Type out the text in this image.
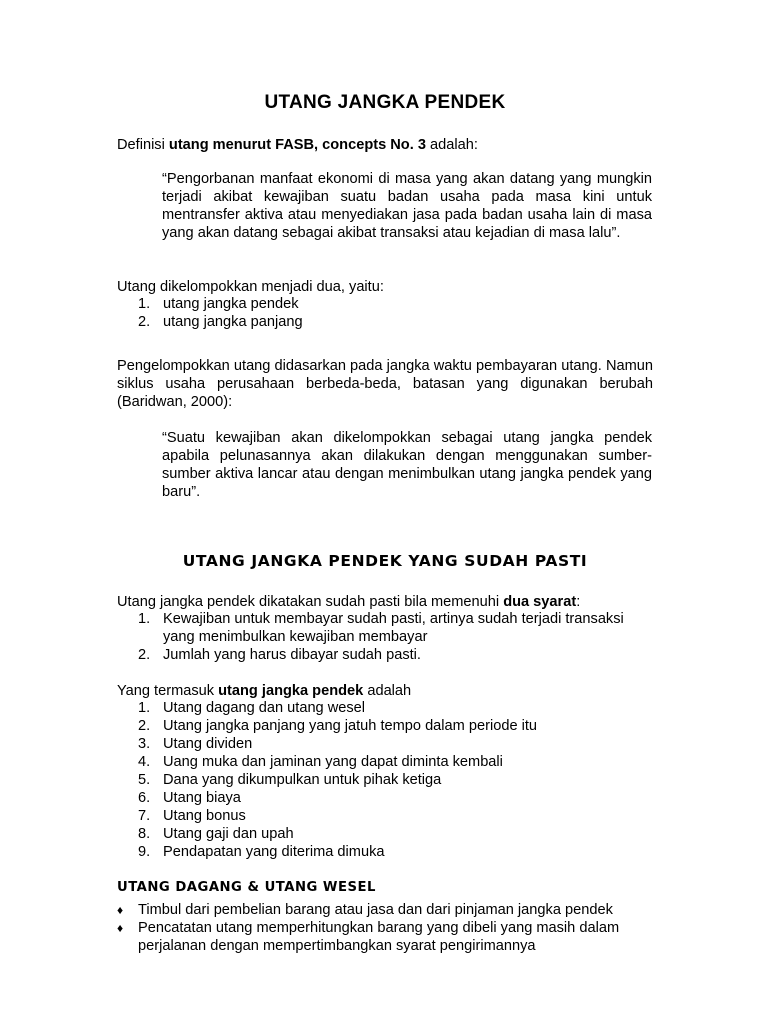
UTANG JANGKA PENDEK

Definisi utang menurut FASB, concepts No. 3 adalah:

“Pengorbanan manfaat ekonomi di masa yang akan datang yang mungkin terjadi akibat kewajiban suatu badan usaha pada masa kini untuk mentransfer aktiva atau menyediakan jasa pada badan usaha lain di masa yang akan datang sebagai akibat transaksi atau kejadian di masa lalu”.

Utang dikelompokkan menjadi dua, yaitu:

1. utang jangka pendek
2. utang jangka panjang

Pengelompokkan utang didasarkan pada jangka waktu pembayaran utang. Namun siklus usaha perusahaan berbeda-beda, batasan yang digunakan berubah (Baridwan, 2000):

“Suatu kewajiban akan dikelompokkan sebagai utang jangka pendek apabila pelunasannya akan dilakukan dengan menggunakan sumber-sumber aktiva lancar atau dengan menimbulkan utang jangka pendek yang baru”.

UTANG JANGKA PENDEK YANG SUDAH PASTI

Utang jangka pendek dikatakan sudah pasti bila memenuhi dua syarat:

1. Kewajiban untuk membayar sudah pasti, artinya sudah terjadi transaksi yang menimbulkan kewajiban membayar
2. Jumlah yang harus dibayar sudah pasti.

Yang termasuk utang jangka pendek adalah

1. Utang dagang dan utang wesel
2. Utang jangka panjang yang jatuh tempo dalam periode itu
3. Utang dividen
4. Uang muka dan jaminan yang dapat diminta kembali
5. Dana yang dikumpulkan untuk pihak ketiga
6. Utang biaya
7. Utang bonus
8. Utang gaji dan upah
9. Pendapatan yang diterima dimuka
UTANG DAGANG & UTANG WESEL
♦ Timbul dari pembelian barang atau jasa dan dari pinjaman jangka pendek
♦ Pencatatan utang memperhitungkan barang yang dibeli yang masih dalam perjalanan dengan mempertimbangkan syarat pengirimannya
